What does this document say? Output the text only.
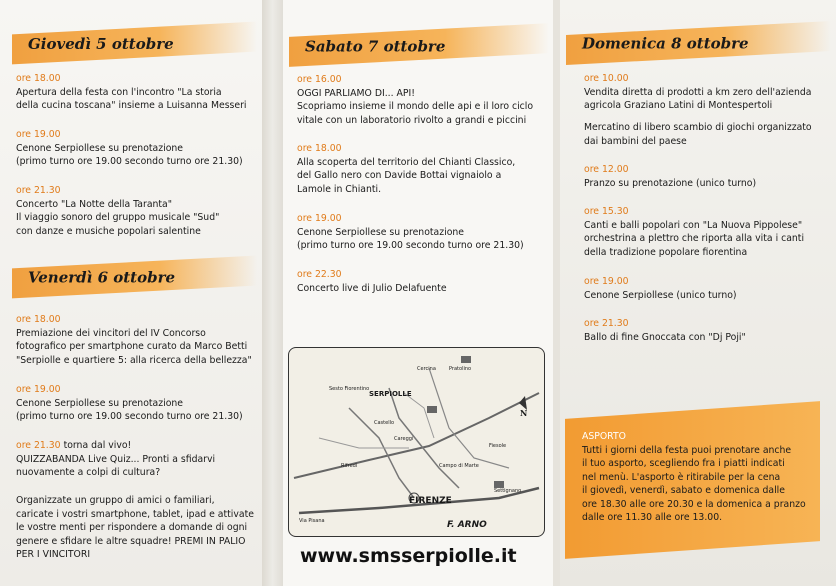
Giovedì 5 ottobre
ore 18.00
Apertura della festa con l'incontro "La storia
della cucina toscana" insieme a Luisanna Messeri
ore 19.00
Cenone Serpiollese su prenotazione
(primo turno ore 19.00 secondo turno ore 21.30)
ore 21.30
Concerto "La Notte della Taranta"
Il viaggio sonoro del gruppo musicale "Sud"
con danze e musiche popolari salentine
Venerdì 6 ottobre
ore 18.00
Premiazione dei vincitori del IV Concorso
fotografico per smartphone curato da Marco Betti
"Serpiolle e quartiere 5: alla ricerca della bellezza"
ore 19.00
Cenone Serpiollese su prenotazione
(primo turno ore 19.00 secondo turno ore 21.30)
ore 21.30 torna dal vivo!
QUIZZABANDA Live Quiz... Pronti a sfidarvi
nuovamente a colpi di cultura?
Organizzate un gruppo di amici o familiari,
caricate i vostri smartphone, tablet, ipad e attivate
le vostre menti per rispondere a domande di ogni
genere e sfidare le altre squadre! PREMI IN PALIO
PER I VINCITORI
Sabato 7 ottobre
ore 16.00
OGGI PARLIAMO DI... API!
Scopriamo insieme il mondo delle api e il loro ciclo
vitale con un laboratorio rivolto a grandi e piccini
ore 18.00
Alla scoperta del territorio del Chianti Classico,
del Gallo nero con Davide Bottai vignaiolo a
Lamole in Chianti.
ore 19.00
Cenone Serpiollese su prenotazione
(primo turno ore 19.00 secondo turno ore 21.30)
ore 22.30
Concerto live di Julio Delafuente
SERPIOLLE
FIRENZE
F. ARNO
N
Careggi
Settignano
Fiesole
Castello
Sesto Fiorentino
Cercina	Pratolino
Rifredi	Campo di Marte
Via Pisana
www.smsserpiolle.it
Domenica 8 ottobre
ore 10.00
Vendita diretta di prodotti a km zero dell'azienda
agricola Graziano Latini di Montespertoli
Mercatino di libero scambio di giochi organizzato
dai bambini del paese
ore 12.00
Pranzo su prenotazione (unico turno)
ore 15.30
Canti e balli popolari con "La Nuova Pippolese"
orchestrina a plettro che riporta alla vita i canti
della tradizione popolare fiorentina
ore 19.00
Cenone Serpiollese (unico turno)
ore 21.30
Ballo di fine Gnoccata con "Dj Poji"
ASPORTO
Tutti i giorni della festa puoi prenotare anche
il tuo asporto, scegliendo fra i piatti indicati
nel menù. L'asporto è ritirabile per la cena
il giovedì, venerdì, sabato e domenica dalle
ore 18.30 alle ore 20.30 e la domenica a pranzo
dalle ore 11.30 alle ore 13.00.
